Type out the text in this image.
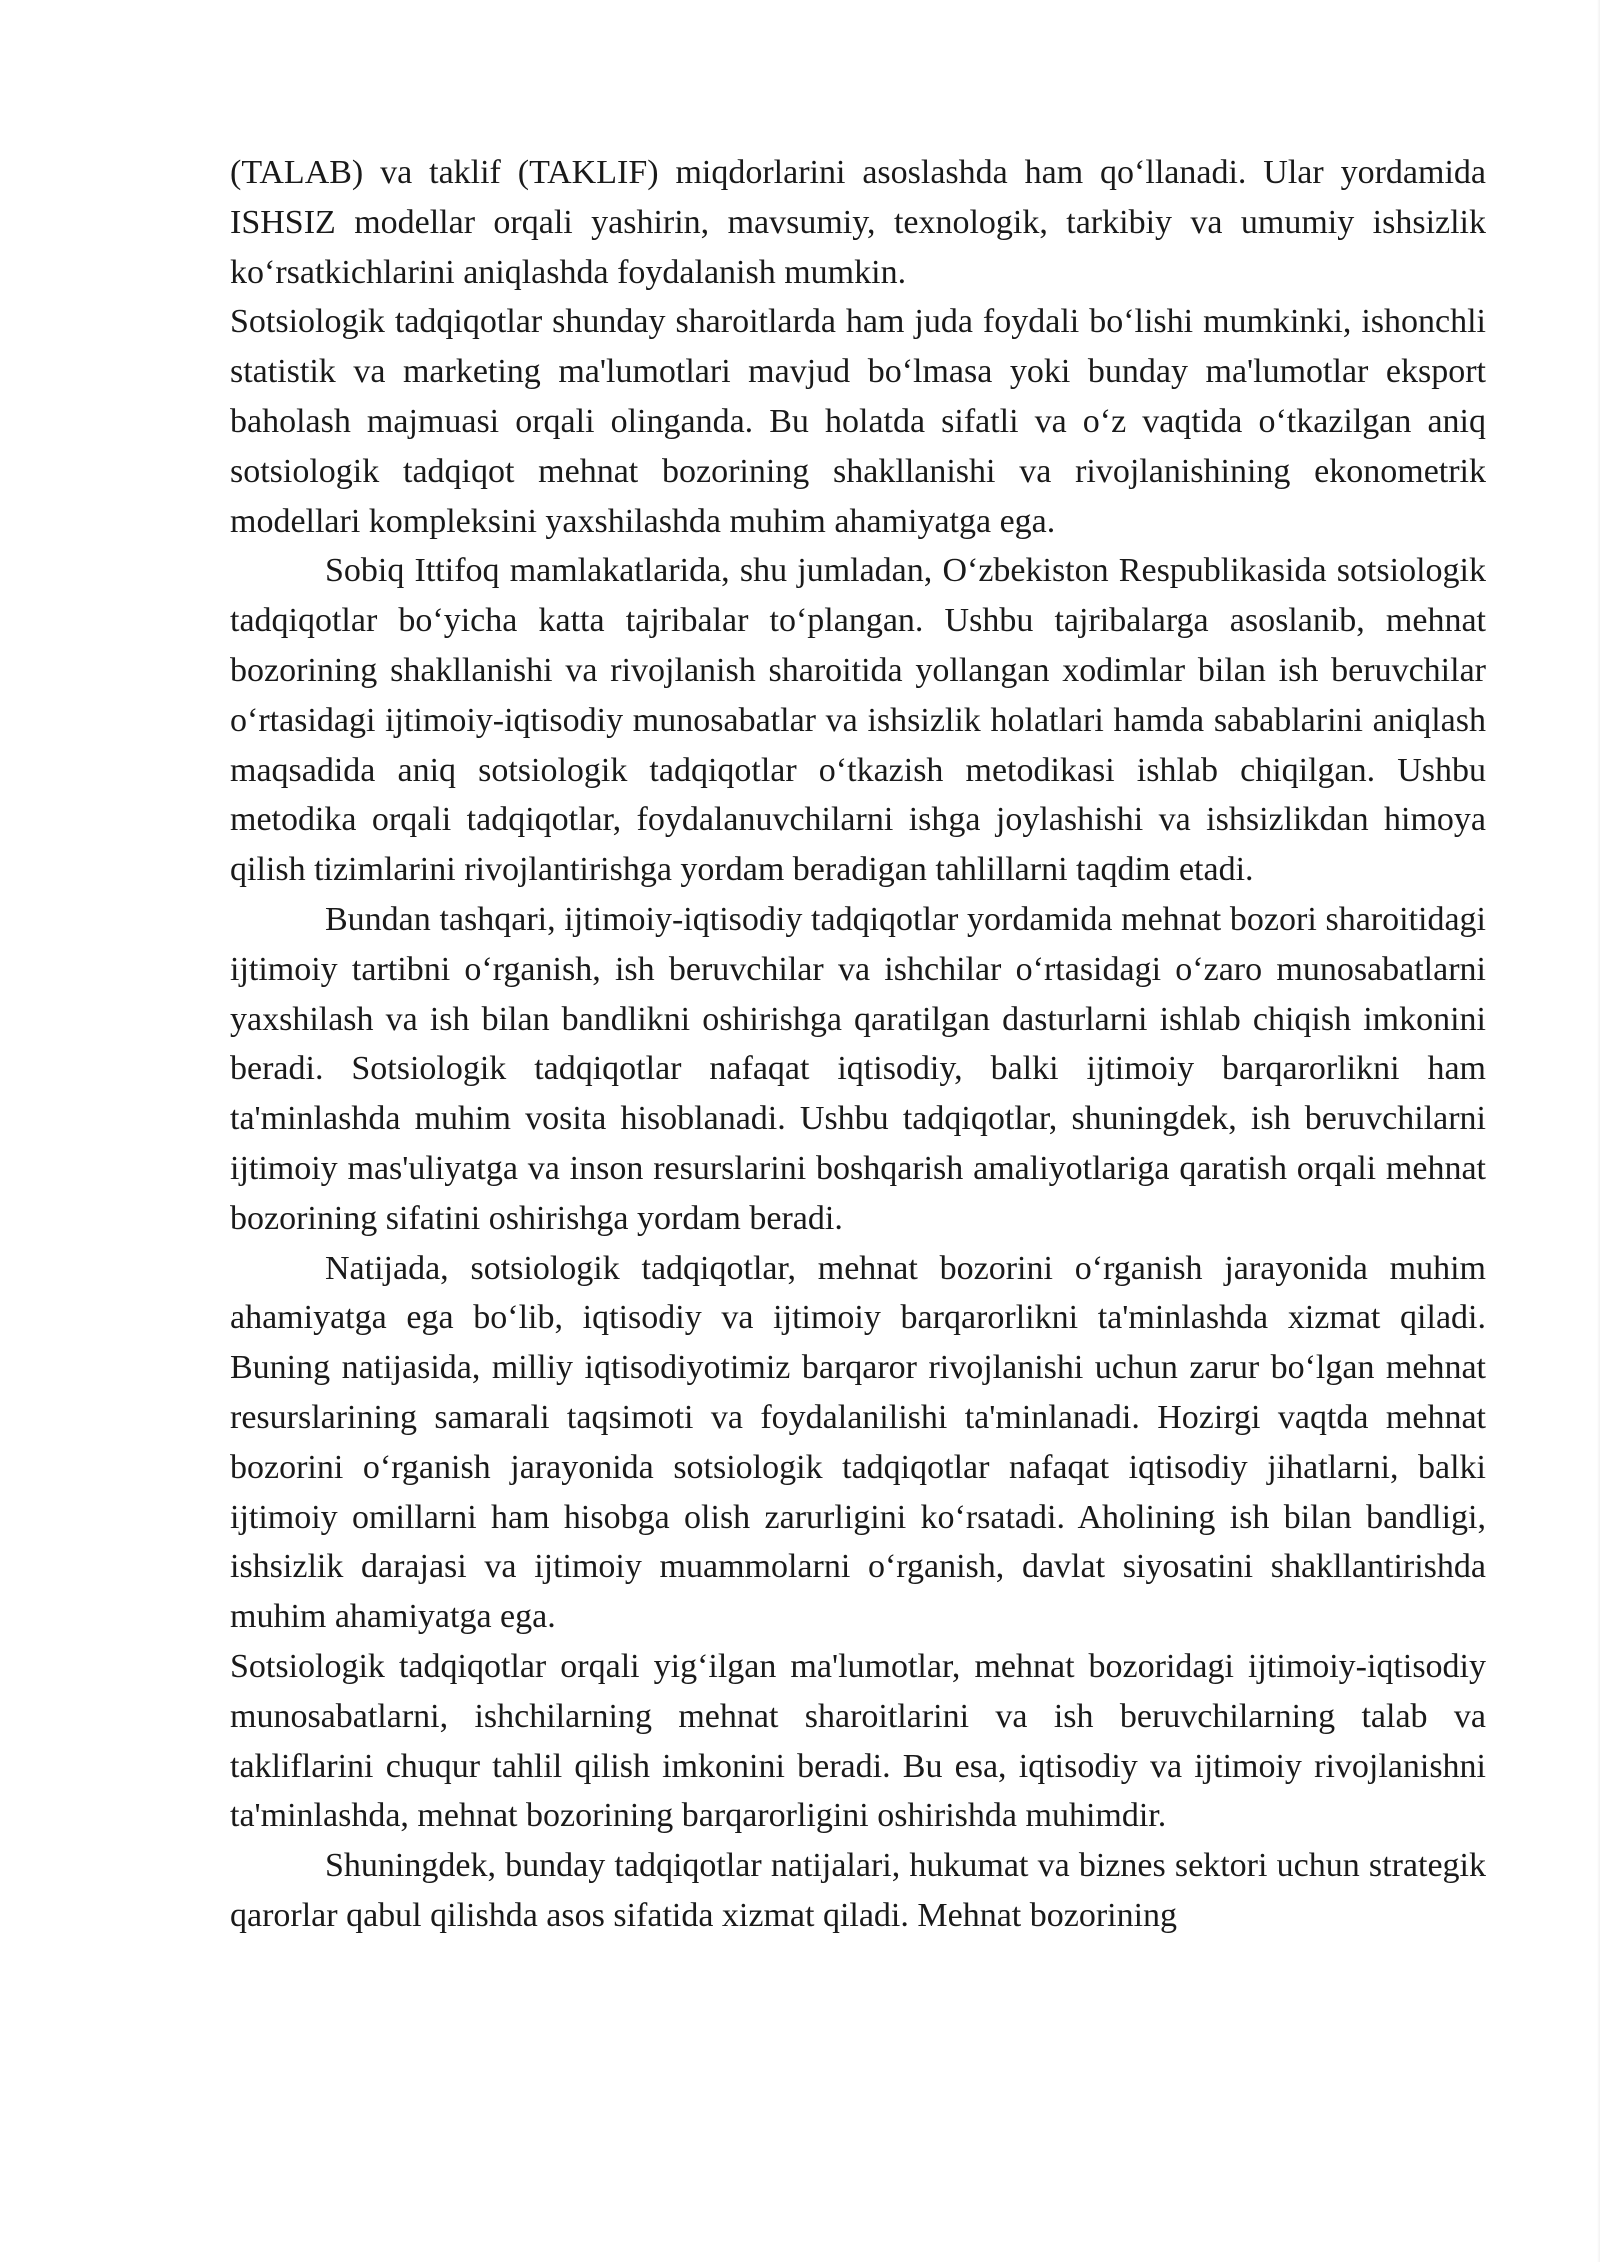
(TALAB) va taklif (TAKLIF) miqdorlarini asoslashda ham qo‘llanadi. Ular yordamida ISHSIZ modellar orqali yashirin, mavsumiy, texnologik, tarkibiy va umumiy ishsizlik ko‘rsatkichlarini aniqlashda foydalanish mumkin.

Sotsiologik tadqiqotlar shunday sharoitlarda ham juda foydali bo‘lishi mumkinki, ishonchli statistik va marketing ma'lumotlari mavjud bo‘lmasa yoki bunday ma'lumotlar eksport baholash majmuasi orqali olinganda. Bu holatda sifatli va o‘z vaqtida o‘tkazilgan aniq sotsiologik tadqiqot mehnat bozorining shakllanishi va rivojlanishining ekonometrik modellari kompleksini yaxshilashda muhim ahamiyatga ega.

Sobiq Ittifoq mamlakatlarida, shu jumladan, O‘zbekiston Respublikasida sotsiologik tadqiqotlar bo‘yicha katta tajribalar to‘plangan. Ushbu tajribalarga asoslanib, mehnat bozorining shakllanishi va rivojlanish sharoitida yollangan xodimlar bilan ish beruvchilar o‘rtasidagi ijtimoiy-iqtisodiy munosabatlar va ishsizlik holatlari hamda sabablarini aniqlash maqsadida aniq sotsiologik tadqiqotlar o‘tkazish metodikasi ishlab chiqilgan. Ushbu metodika orqali tadqiqotlar, foydalanuvchilarni ishga joylashishi va ishsizlikdan himoya qilish tizimlarini rivojlantirishga yordam beradigan tahlillarni taqdim etadi.

Bundan tashqari, ijtimoiy-iqtisodiy tadqiqotlar yordamida mehnat bozori sharoitidagi ijtimoiy tartibni o‘rganish, ish beruvchilar va ishchilar o‘rtasidagi o‘zaro munosabatlarni yaxshilash va ish bilan bandlikni oshirishga qaratilgan dasturlarni ishlab chiqish imkonini beradi. Sotsiologik tadqiqotlar nafaqat iqtisodiy, balki ijtimoiy barqarorlikni ham ta'minlashda muhim vosita hisoblanadi. Ushbu tadqiqotlar, shuningdek, ish beruvchilarni ijtimoiy mas'uliyatga va inson resurslarini boshqarish amaliyotlariga qaratish orqali mehnat bozorining sifatini oshirishga yordam beradi.

Natijada, sotsiologik tadqiqotlar, mehnat bozorini o‘rganish jarayonida muhim ahamiyatga ega bo‘lib, iqtisodiy va ijtimoiy barqarorlikni ta'minlashda xizmat qiladi. Buning natijasida, milliy iqtisodiyotimiz barqaror rivojlanishi uchun zarur bo‘lgan mehnat resurslarining samarali taqsimoti va foydalanilishi ta'minlanadi. Hozirgi vaqtda mehnat bozorini o‘rganish jarayonida sotsiologik tadqiqotlar nafaqat iqtisodiy jihatlarni, balki ijtimoiy omillarni ham hisobga olish zarurligini ko‘rsatadi. Aholining ish bilan bandligi, ishsizlik darajasi va ijtimoiy muammolarni o‘rganish, davlat siyosatini shakllantirishda muhim ahamiyatga ega.

Sotsiologik tadqiqotlar orqali yig‘ilgan ma'lumotlar, mehnat bozoridagi ijtimoiy-iqtisodiy munosabatlarni, ishchilarning mehnat sharoitlarini va ish beruvchilarning talab va takliflarini chuqur tahlil qilish imkonini beradi. Bu esa, iqtisodiy va ijtimoiy rivojlanishni ta'minlashda, mehnat bozorining barqarorligini oshirishda muhimdir.

Shuningdek, bunday tadqiqotlar natijalari, hukumat va biznes sektori uchun strategik qarorlar qabul qilishda asos sifatida xizmat qiladi. Mehnat bozorining
